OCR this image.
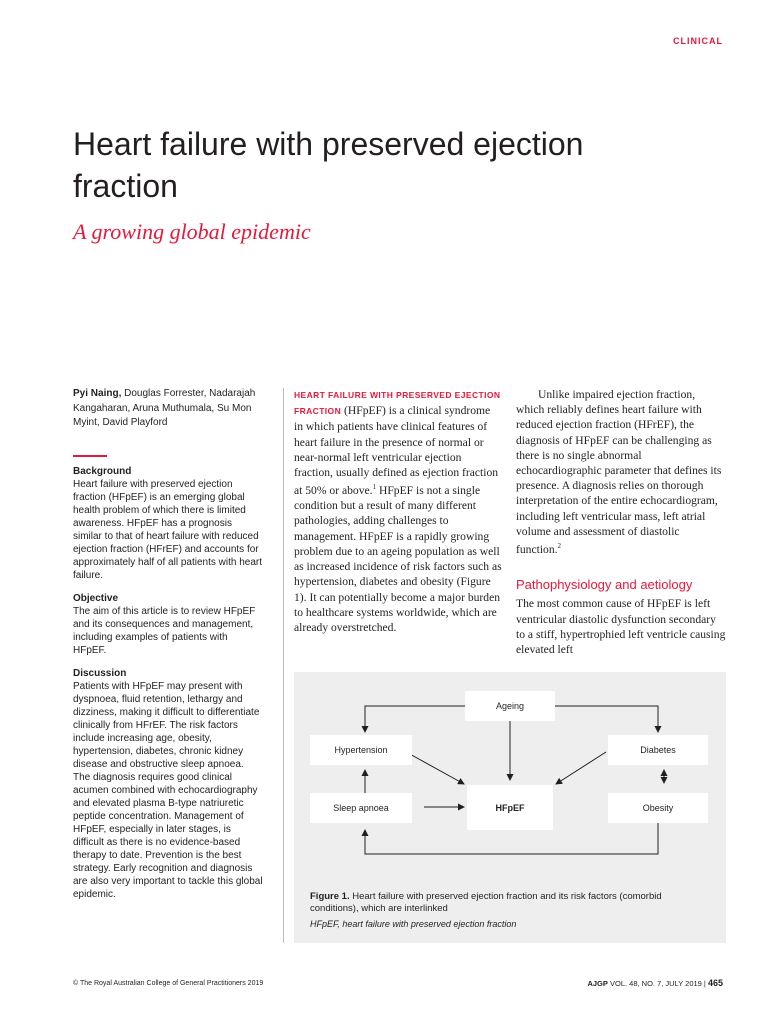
CLINICAL
Heart failure with preserved ejection fraction
A growing global epidemic
Pyi Naing, Douglas Forrester, Nadarajah Kangaharan, Aruna Muthumala, Su Mon Myint, David Playford
Background

Heart failure with preserved ejection fraction (HFpEF) is an emerging global health problem of which there is limited awareness. HFpEF has a prognosis similar to that of heart failure with reduced ejection fraction (HFrEF) and accounts for approximately half of all patients with heart failure.

Objective

The aim of this article is to review HFpEF and its consequences and management, including examples of patients with HFpEF.

Discussion

Patients with HFpEF may present with dyspnoea, fluid retention, lethargy and dizziness, making it difficult to differentiate clinically from HFrEF. The risk factors include increasing age, obesity, hypertension, diabetes, chronic kidney disease and obstructive sleep apnoea. The diagnosis requires good clinical acumen combined with echocardiography and elevated plasma B-type natriuretic peptide concentration. Management of HFpEF, especially in later stages, is difficult as there is no evidence-based therapy to date. Prevention is the best strategy. Early recognition and diagnosis are also very important to tackle this global epidemic.

HEART FAILURE WITH PRESERVED EJECTION FRACTION (HFpEF) is a clinical syndrome in which patients have clinical features of heart failure in the presence of normal or near-normal left ventricular ejection fraction, usually defined as ejection fraction at 50% or above.$^1$ HFpEF is not a single condition but a result of many different pathologies, adding challenges to management. HFpEF is a rapidly growing problem due to an ageing population as well as increased incidence of risk factors such as hypertension, diabetes and obesity (Figure 1). It can potentially become a major burden to healthcare systems worldwide, which are already overstretched.

Unlike impaired ejection fraction, which reliably defines heart failure with reduced ejection fraction (HFrEF), the diagnosis of HFpEF can be challenging as there is no single abnormal echocardiographic parameter that defines its presence. A diagnosis relies on thorough interpretation of the entire echocardiogram, including left ventricular mass, left atrial volume and assessment of diastolic function.$^2$

Pathophysiology and aetiology

The most common cause of HFpEF is left ventricular diastolic dysfunction secondary to a stiff, hypertrophied left ventricle causing elevated left

Ageing
Hypertension	Diabetes
Sleep apnoea	HFpEF	Obesity
Figure 1. Heart failure with preserved ejection fraction and its risk factors (comorbid conditions), which are interlinked
HFpEF, heart failure with preserved ejection fraction
© The Royal Australian College of General Practitioners 2019	AJGP VOL. 48, NO. 7, JULY 2019 | 465
